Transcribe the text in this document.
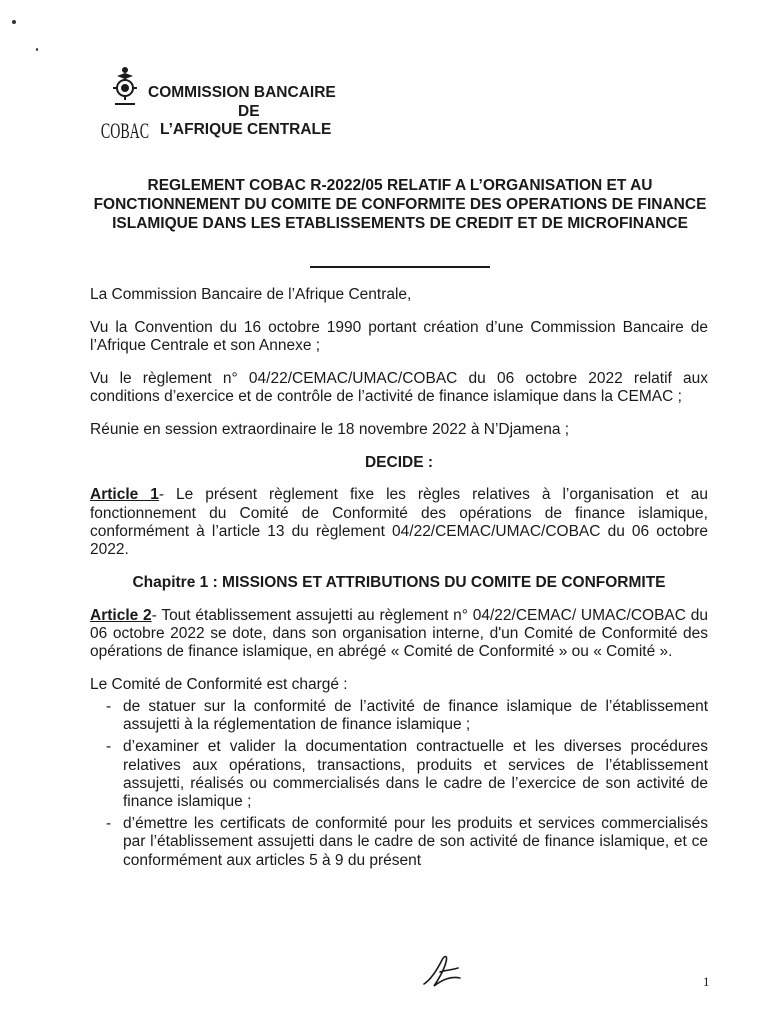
COBAC
COMMISSION BANCAIRE
DE
L’AFRIQUE CENTRALE
REGLEMENT COBAC R-2022/05 RELATIF A L’ORGANISATION ET AU FONCTIONNEMENT DU COMITE DE CONFORMITE DES OPERATIONS DE FINANCE ISLAMIQUE DANS LES ETABLISSEMENTS DE CREDIT ET DE MICROFINANCE

La Commission Bancaire de l’Afrique Centrale,

Vu la Convention du 16 octobre 1990 portant création d’une Commission Bancaire de l’Afrique Centrale et son Annexe ;

Vu le règlement n° 04/22/CEMAC/UMAC/COBAC du 06 octobre 2022 relatif aux conditions d’exercice et de contrôle de l’activité de finance islamique dans la CEMAC ;

Réunie en session extraordinaire le 18 novembre 2022 à N’Djamena ;

DECIDE :

Article 1- Le présent règlement fixe les règles relatives à l’organisation et au fonctionnement du Comité de Conformité des opérations de finance islamique, conformément à l’article 13 du règlement 04/22/CEMAC/UMAC/COBAC du 06 octobre 2022.

Chapitre 1 : MISSIONS ET ATTRIBUTIONS DU COMITE DE CONFORMITE

Article 2- Tout établissement assujetti au règlement n° 04/22/CEMAC/ UMAC/COBAC du 06 octobre 2022 se dote, dans son organisation interne, d'un Comité de Conformité des opérations de finance islamique, en abrégé « Comité de Conformité » ou « Comité ».

Le Comité de Conformité est chargé :

- de statuer sur la conformité de l’activité de finance islamique de l’établissement assujetti à la réglementation de finance islamique ;
- d’examiner et valider la documentation contractuelle et les diverses procédures relatives aux opérations, transactions, produits et services de l’établissement assujetti, réalisés ou commercialisés dans le cadre de l’exercice de son activité de finance islamique ;
- d’émettre les certificats de conformité pour les produits et services commercialisés par l’établissement assujetti dans le cadre de son activité de finance islamique, et ce conformément aux articles 5 à 9 du présent
1
